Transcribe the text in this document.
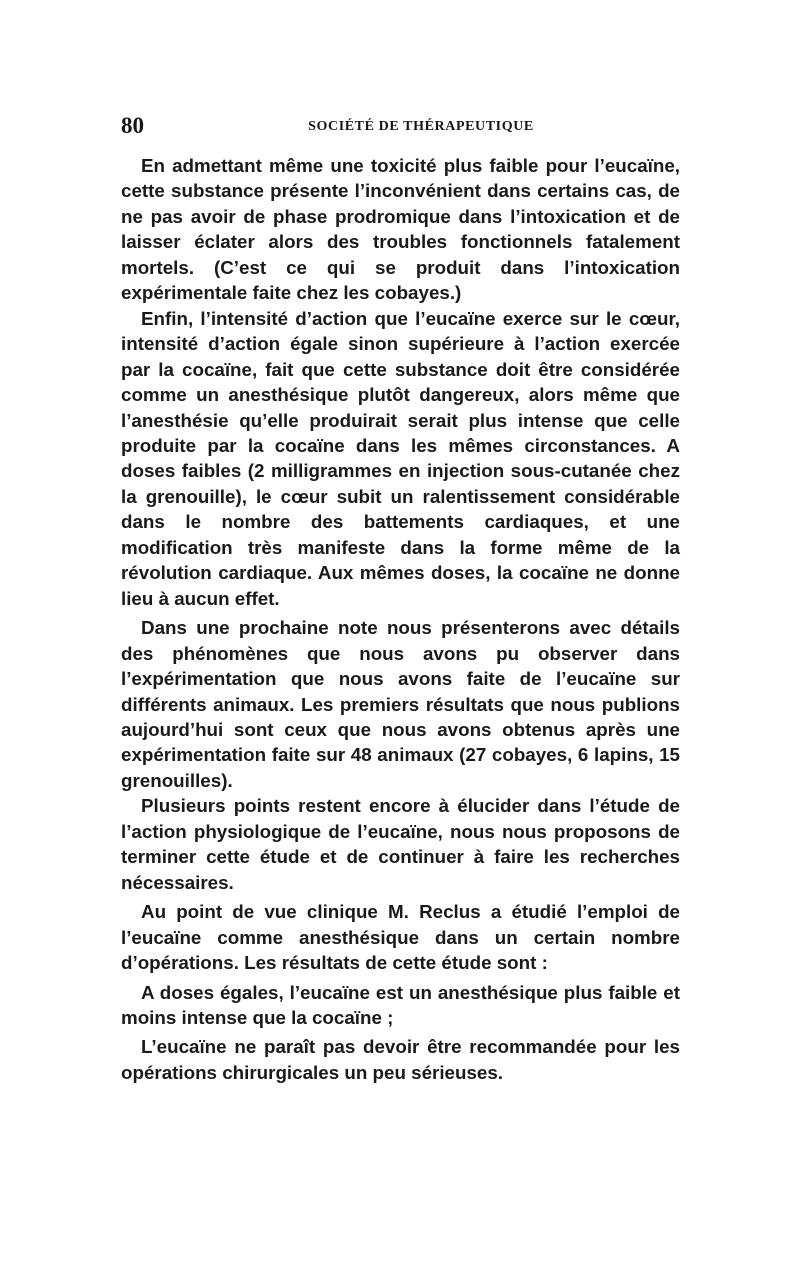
80	SOCIÉTÉ DE THÉRAPEUTIQUE

En admettant même une toxicité plus faible pour l’eucaïne, cette substance présente l’inconvénient dans certains cas, de ne pas avoir de phase prodromique dans l’intoxication et de laisser éclater alors des troubles fonctionnels fatalement mortels. (C’est ce qui se produit dans l’intoxication expérimentale faite chez les cobayes.)

Enfin, l’intensité d’action que l’eucaïne exerce sur le cœur, intensité d’action égale sinon supérieure à l’action exercée par la cocaïne, fait que cette substance doit être considérée comme un anesthésique plutôt dangereux, alors même que l’anesthésie qu’elle produirait serait plus intense que celle produite par la cocaïne dans les mêmes circonstances. A doses faibles (2 milligrammes en injection sous-cutanée chez la grenouille), le cœur subit un ralentissement considérable dans le nombre des battements cardiaques, et une modification très manifeste dans la forme même de la révolution cardiaque. Aux mêmes doses, la cocaïne ne donne lieu à aucun effet.

Dans une prochaine note nous présenterons avec détails des phénomènes que nous avons pu observer dans l’expérimentation que nous avons faite de l’eucaïne sur différents animaux. Les premiers résultats que nous publions aujourd’hui sont ceux que nous avons obtenus après une expérimentation faite sur 48 animaux (27 cobayes, 6 lapins, 15 grenouilles).

Plusieurs points restent encore à élucider dans l’étude de l’action physiologique de l’eucaïne, nous nous proposons de terminer cette étude et de continuer à faire les recherches nécessaires.

Au point de vue clinique M. Reclus a étudié l’emploi de l’eucaïne comme anesthésique dans un certain nombre d’opérations. Les résultats de cette étude sont :

A doses égales, l’eucaïne est un anesthésique plus faible et moins intense que la cocaïne ;

L’eucaïne ne paraît pas devoir être recommandée pour les opérations chirurgicales un peu sérieuses.
